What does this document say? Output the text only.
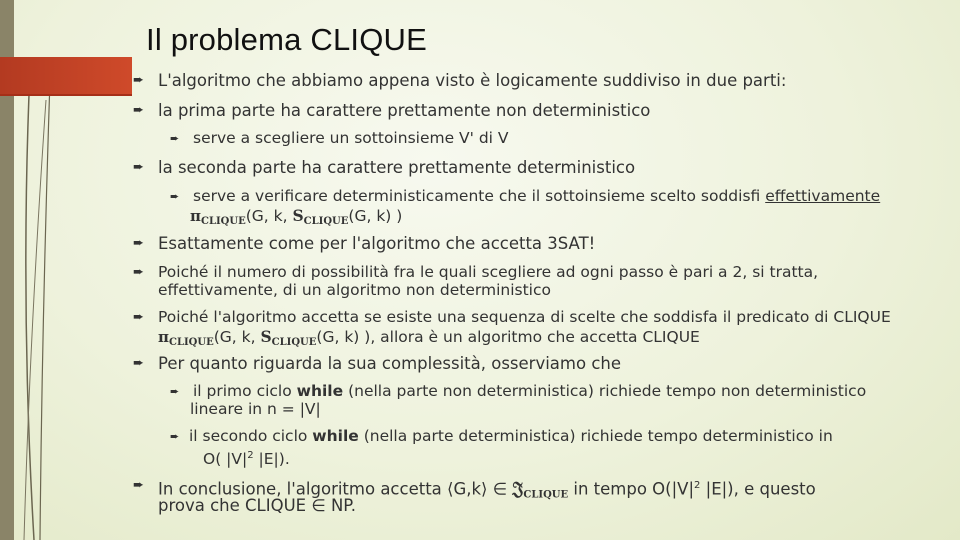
Il problema CLIQUE
➨ L'algoritmo che abbiamo appena visto è logicamente suddiviso in due parti:
➨ la prima parte ha carattere prettamente non deterministico
➨ serve a scegliere un sottoinsieme V' di V
➨ la seconda parte ha carattere prettamente deterministico
➨ serve a verificare deterministicamente che il sottoinsieme scelto soddisfi effettivamente
$\pi_{CLIQUE}(G$, k, $S_{CLIQUE}(G$, k) )
➨ Esattamente come per l'algoritmo che accetta 3SAT!
➨ Poiché il numero di possibilità fra le quali scegliere ad ogni passo è pari a 2, si tratta,
effettivamente, di un algoritmo non deterministico
➨ Poiché l'algoritmo accetta se esiste una sequenza di scelte che soddisfa il predicato di CLIQUE
$\pi_{CLIQUE}(G$, k, $S_{CLIQUE}(G$, k) ), allora è un algoritmo che accetta CLIQUE
➨ Per quanto riguarda la sua complessità, osserviamo che
➨ il primo ciclo while (nella parte non deterministica) richiede tempo non deterministico
lineare in n = |V|
➨ il secondo ciclo while (nella parte deterministica) richiede tempo deterministico in
O( $|V|^2$ |E|).
➨ In conclusione, l'algoritmo accetta ⟨G,k⟩ ∈ 𝔍$_{CLIQUE}$ in tempo $O(|V|^2$ |E|), e questo
prova che CLIQUE ∈ NP.
